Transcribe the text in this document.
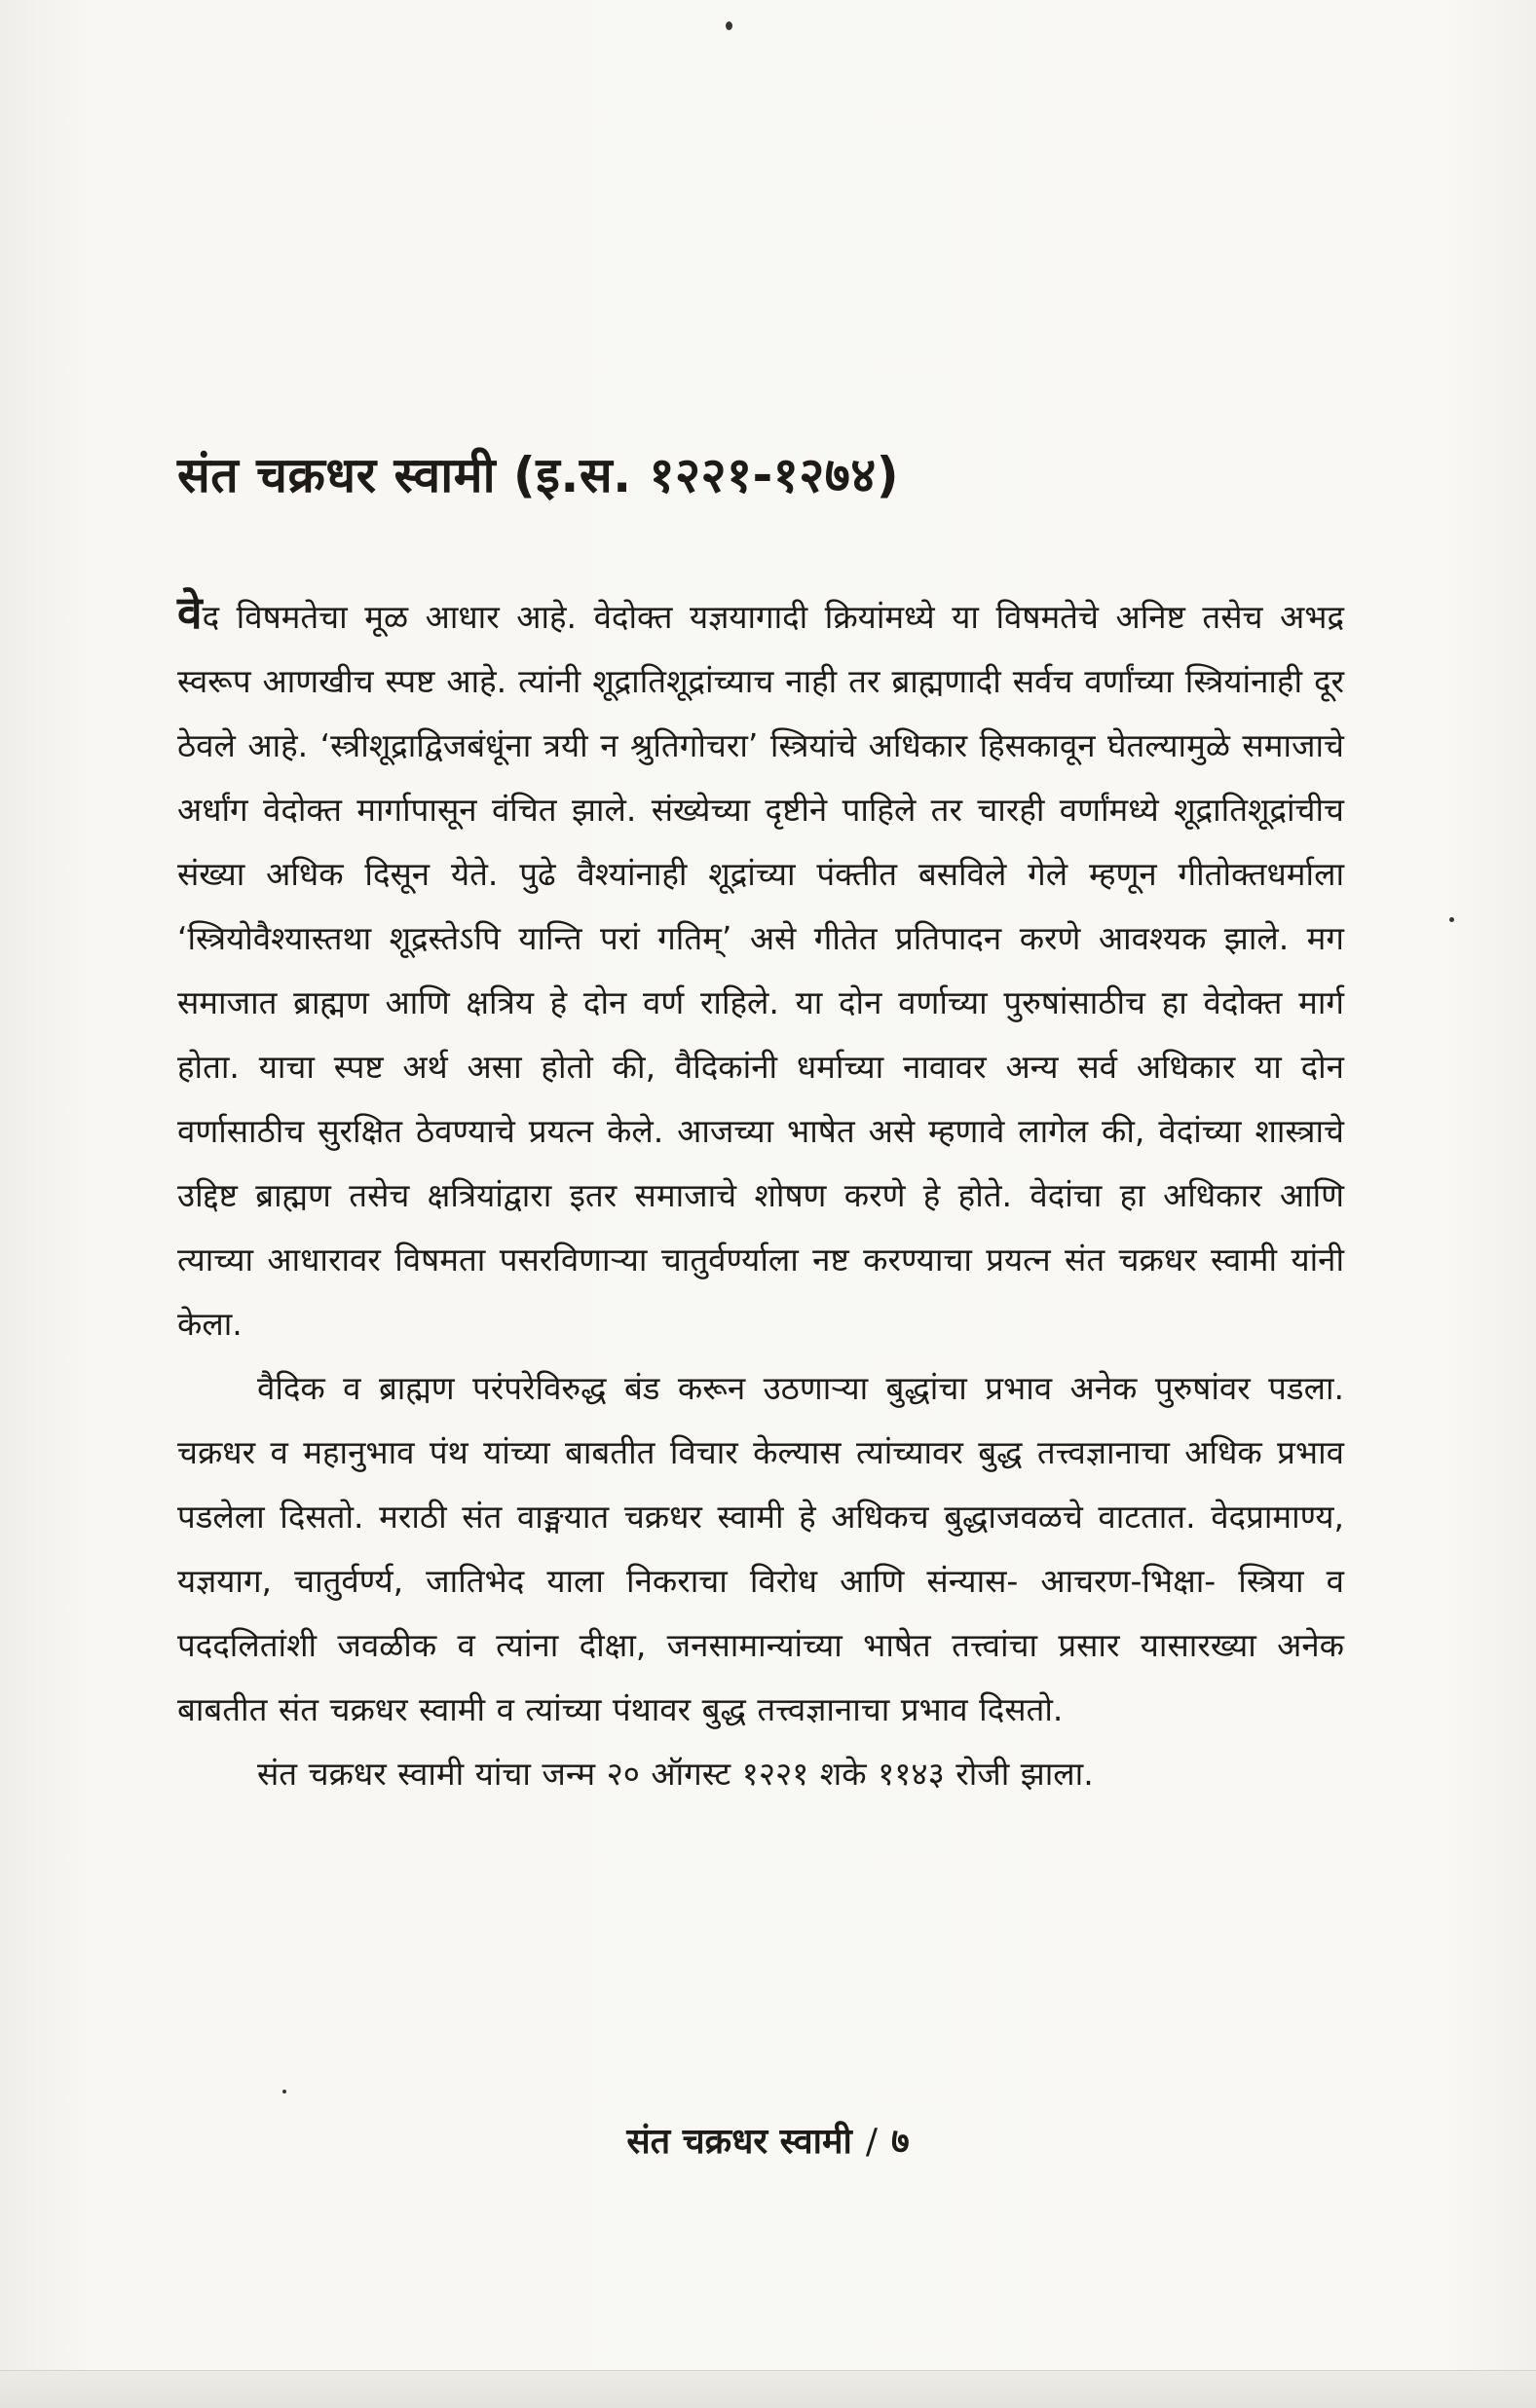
संत चक्रधर स्वामी (इ.स. १२२१-१२७४)

वेद विषमतेचा मूळ आधार आहे. वेदोक्त यज्ञयागादी क्रियांमध्ये या विषमतेचे अनिष्ट तसेच अभद्र स्वरूप आणखीच स्पष्ट आहे. त्यांनी शूद्रातिशूद्रांच्याच नाही तर ब्राह्मणादी सर्वच वर्णांच्या स्त्रियांनाही दूर ठेवले आहे. ‘स्त्रीशूद्राद्विजबंधूंना त्रयी न श्रुतिगोचरा’ स्त्रियांचे अधिकार हिसकावून घेतल्यामुळे समाजाचे अर्धांग वेदोक्त मार्गापासून वंचित झाले. संख्येच्या दृष्टीने पाहिले तर चारही वर्णांमध्ये शूद्रातिशूद्रांचीच संख्या अधिक दिसून येते. पुढे वैश्यांनाही शूद्रांच्या पंक्तीत बसविले गेले म्हणून गीतोक्तधर्माला ‘स्त्रियोवैश्यास्तथा शूद्रस्तेऽपि यान्ति परां गतिम्’ असे गीतेत प्रतिपादन करणे आवश्यक झाले. मग समाजात ब्राह्मण आणि क्षत्रिय हे दोन वर्ण राहिले. या दोन वर्णाच्या पुरुषांसाठीच हा वेदोक्त मार्ग होता. याचा स्पष्ट अर्थ असा होतो की, वैदिकांनी धर्माच्या नावावर अन्य सर्व अधिकार या दोन वर्णासाठीच सुरक्षित ठेवण्याचे प्रयत्न केले. आजच्या भाषेत असे म्हणावे लागेल की, वेदांच्या शास्त्राचे उद्दिष्ट ब्राह्मण तसेच क्षत्रियांद्वारा इतर समाजाचे शोषण करणे हे होते. वेदांचा हा अधिकार आणि त्याच्या आधारावर विषमता पसरविणाऱ्या चातुर्वर्ण्याला नष्ट करण्याचा प्रयत्न संत चक्रधर स्वामी यांनी केला.

वैदिक व ब्राह्मण परंपरेविरुद्ध बंड करून उठणाऱ्या बुद्धांचा प्रभाव अनेक पुरुषांवर पडला. चक्रधर व महानुभाव पंथ यांच्या बाबतीत विचार केल्यास त्यांच्यावर बुद्ध तत्त्वज्ञानाचा अधिक प्रभाव पडलेला दिसतो. मराठी संत वाङ्मयात चक्रधर स्वामी हे अधिकच बुद्धाजवळचे वाटतात. वेदप्रामाण्य, यज्ञयाग, चातुर्वर्ण्य, जातिभेद याला निकराचा विरोध आणि संन्यास- आचरण-भिक्षा- स्त्रिया व पददलितांशी जवळीक व त्यांना दीक्षा, जनसामान्यांच्या भाषेत तत्त्वांचा प्रसार यासारख्या अनेक बाबतीत संत चक्रधर स्वामी व त्यांच्या पंथावर बुद्ध तत्त्वज्ञानाचा प्रभाव दिसतो.

संत चक्रधर स्वामी यांचा जन्म २० ऑगस्ट १२२१ शके ११४३ रोजी झाला.

संत चक्रधर स्वामी / ७
